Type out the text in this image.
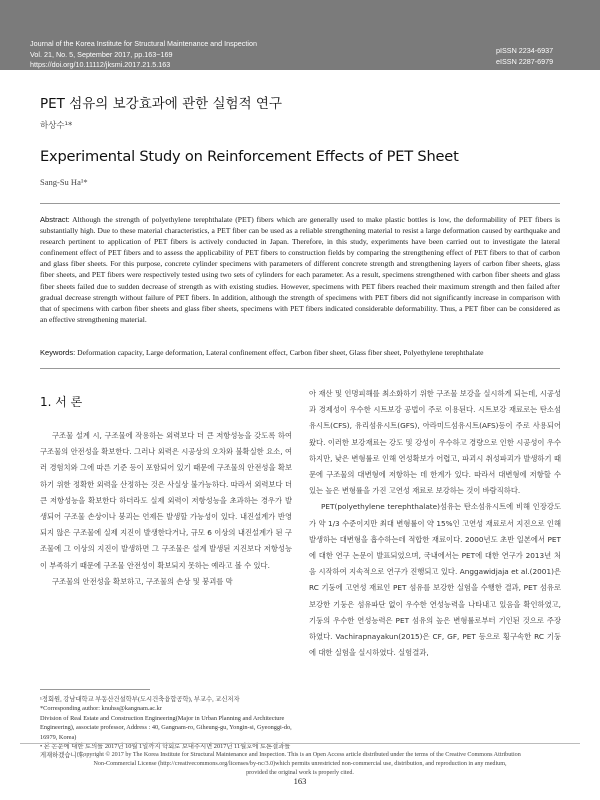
Journal of the Korea Institute for Structural Maintenance and Inspection
Vol. 21, No. 5, September 2017, pp.163~169
https://doi.org/10.11112/jksmi.2017.21.5.163
pISSN 2234-6937
eISSN 2287-6979
PET 섬유의 보강효과에 관한 실험적 연구
하상수¹*
Experimental Study on Reinforcement Effects of PET Sheet
Sang-Su Ha¹*
Abstract: Although the strength of polyethylene terephthalate (PET) fibers which are generally used to make plastic bottles is low, the deformability of PET fibers is substantially high. Due to these material characteristics, a PET fiber can be used as a reliable strengthening material to resist a large deformation caused by earthquake and research pertinent to application of PET fibers is actively conducted in Japan. Therefore, in this study, experiments have been carried out to investigate the lateral confinement effect of PET fibers and to assess the applicability of PET fibers to construction fields by comparing the strengthening effect of PET fibers to that of carbon and glass fiber sheets. For this purpose, concrete cylinder specimens with parameters of different concrete strength and strengthening layers of carbon fiber sheets, glass fiber sheets, and PET fibers were respectively tested using two sets of cylinders for each parameter. As a result, specimens strengthened with carbon fiber sheets and glass fiber sheets failed due to sudden decrease of strength as with existing studies. However, specimens with PET fibers reached their maximum strength and then failed after gradual decrease strength without failure of PET fibers. In addition, although the strength of specimens with PET fibers did not significantly increase in comparison with that of specimens with carbon fiber sheets and glass fiber sheets, specimens with PET fibers indicated considerable deformability. Thus, a PET fiber can be considered as an effective strengthening material.
Keywords: Deformation capacity, Large deformation, Lateral confinement effect, Carbon fiber sheet, Glass fiber sheet, Polyethylene terephthalate
1. 서 론
구조물 설계 시, 구조물에 작용하는 외력보다 더 큰 저항성능을 갖도록 하여 구조물의 안전성을 확보한다. 그러나 외력은 시공상의 오차와 불확실한 요소, 여러 경험치와 그에 따른 기준 등이 포함되어 있기 때문에 구조물의 안전성을 확보하기 위한 정확한 외력을 산정하는 것은 사실상 불가능하다. 따라서 외력보다 더 큰 저항성능을 확보한다 하더라도 실제 외력이 저항성능을 초과하는 경우가 발생되어 구조물 손상이나 붕괴는 언제든 발생할 가능성이 있다. 내진설계가 반영되지 않은 구조물에 실제 지진이 발생한다거나, 규모 6 이상의 내진설계가 된 구조물에 그 이상의 지진이 발생하면 그 구조물은 설계 발생된 지진보다 저항성능이 부족하기 때문에 구조물 안전성이 확보되지 못하는 예라고 볼 수 있다.
구조물의 안전성을 확보하고, 구조물의 손상 및 붕괴를 막
아 재산 및 인명피해를 최소화하기 위한 구조물 보강을 실시하게 되는데, 시공성과 경제성이 우수한 시트보강 공법이 주로 이용된다. 시트보강 재료로는 탄소섬유시트(CFS), 유리섬유시트(GFS), 아라미드섬유시트(AFS)등이 주로 사용되어 왔다. 이러한 보강재료는 강도 및 강성이 우수하고 경량으로 인한 시공성이 우수하지만, 낮은 변형률로 인해 연성확보가 어렵고, 파괴시 취성파괴가 발생하기 때문에 구조물의 대변형에 저항하는 데 한계가 있다. 따라서 대변형에 저항할 수 있는 높은 변형률을 가진 고연성 재료로 보강하는 것이 바람직하다.
PET(polyethylene terephthalate)섬유는 탄소섬유시트에 비해 인장강도가 약 1/3 수준이지만 최대 변형률이 약 15%인 고연성 재료로서 지진으로 인해 발생하는 대변형을 흡수하는데 적합한 재료이다. 2000년도 초반 일본에서 PET에 대한 연구 논문이 발표되었으며, 국내에서는 PET에 대한 연구가 2013년 처음 시작하여 지속적으로 연구가 진행되고 있다. Anggawidjaja et al.(2001)은 RC 기둥에 고연성 재료인 PET 섬유를 보강한 실험을 수행한 결과, PET 섬유로 보강한 기둥은 섬유파단 없이 우수한 연성능력을 나타내고 있음을 확인하였고, 기둥의 우수한 연성능력은 PET 섬유의 높은 변형률로부터 기인된 것으로 주장하였다. Vachirapnayakun(2015)은 CF, GF, PET 등으로 횡구속한 RC 기둥에 대한 실험을 실시하였다. 실험결과,
¹정회원, 강남대학교 부동산건설학부(도시건축융합공학), 부교수, 교신저자
*Corresponding author: knuhss@kangnam.ac.kr
Division of Real Estate and Construction Engineering(Major in Urban Planning and Architecture Engineering), associate professor, Address : 40, Gangnam-ro, Giheung-gu, Yongin-si, Gyeonggi-do, 16979, Korea)
• 본 논문에 대한 토의를 2017년 10월 1일까지 학회로 보내주시면 2017년 11월호에 토론결과를 게재하겠습니다.
Copyright © 2017 by The Korea Institute for Structural Maintenance and Inspection. This is an Open Access article distributed under the terms of the Creative Commons Attribution
Non-Commercial License (http://creativecommons.org/licenses/by-nc/3.0)which permits unrestricted non-commercial use, distribution, and reproduction in any medium,
provided the original work is properly cited.
163
